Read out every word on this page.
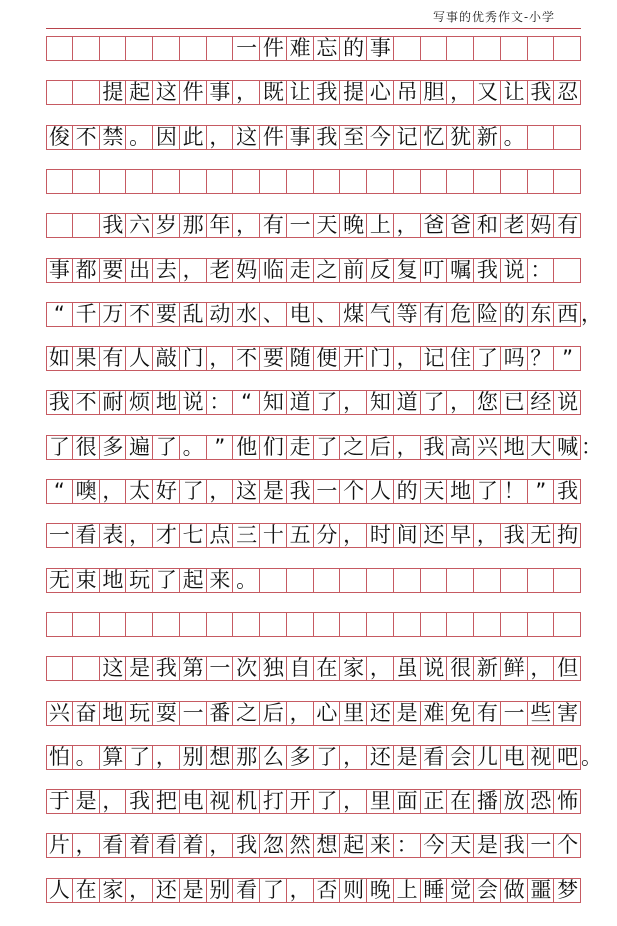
写事的优秀作文-小学
一 件 难 忘 的 事
提 起 这 件 事 ， 既 让 我 提 心 吊 胆 ， 又 让 我 忍
俊 不 禁 。 因 此 ， 这 件 事 我 至 今 记 忆 犹 新 。
我 六 岁 那 年 ， 有 一 天 晚 上 ， 爸 爸 和 老 妈 有
事 都 要 出 去 ， 老 妈 临 走 之 前 反 复 叮 嘱 我 说 ：
“ 千 万 不 要 乱 动 水 、 电 、 煤 气 等 有 危 险 的 东 西 ，
如 果 有 人 敲 门 ， 不 要 随 便 开 门 ， 记 住 了 吗 ？ ”
我 不 耐 烦 地 说 ： “ 知 道 了 ， 知 道 了 ， 您 已 经 说
了 很 多 遍 了 。 ” 他 们 走 了 之 后 ， 我 高 兴 地 大 喊 ：
“ 噢 ， 太 好 了 ， 这 是 我 一 个 人 的 天 地 了 ！ ” 我
一 看 表 ， 才 七 点 三 十 五 分 ， 时 间 还 早 ， 我 无 拘
无 束 地 玩 了 起 来 。
这 是 我 第 一 次 独 自 在 家 ， 虽 说 很 新 鲜 ， 但
兴 奋 地 玩 耍 一 番 之 后 ， 心 里 还 是 难 免 有 一 些 害
怕 。 算 了 ， 别 想 那 么 多 了 ， 还 是 看 会 儿 电 视 吧 。
于 是 ， 我 把 电 视 机 打 开 了 ， 里 面 正 在 播 放 恐 怖
片 ， 看 着 看 着 ， 我 忽 然 想 起 来 ： 今 天 是 我 一 个
人 在 家 ， 还 是 别 看 了 ， 否 则 晚 上 睡 觉 会 做 噩 梦
